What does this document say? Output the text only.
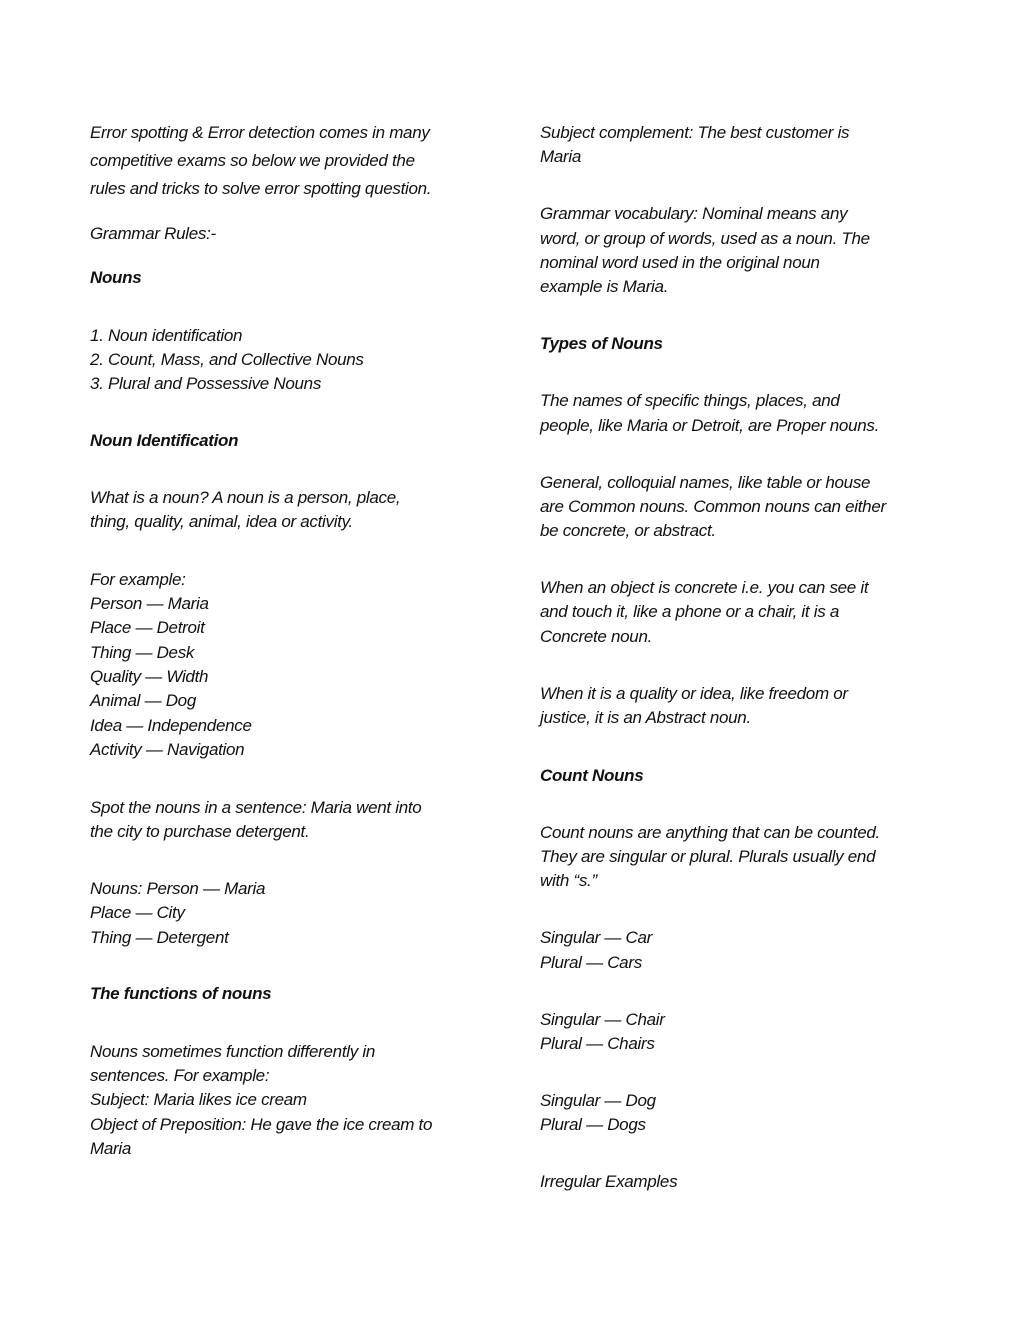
Error spotting & Error detection comes in many
competitive exams so below we provided the
rules and tricks to solve error spotting question.
Grammar Rules:-
Nouns
1. Noun identification
2. Count, Mass, and Collective Nouns
3. Plural and Possessive Nouns
Noun Identification
What is a noun? A noun is a person, place,
thing, quality, animal, idea or activity.
For example:
Person — Maria
Place — Detroit
Thing — Desk
Quality — Width
Animal — Dog
Idea — Independence
Activity — Navigation
Spot the nouns in a sentence: Maria went into
the city to purchase detergent.
Nouns: Person — Maria
Place — City
Thing — Detergent
The functions of nouns
Nouns sometimes function differently in
sentences. For example:
Subject: Maria likes ice cream
Object of Preposition: He gave the ice cream to
Maria
Subject complement: The best customer is
Maria
Grammar vocabulary: Nominal means any
word, or group of words, used as a noun. The
nominal word used in the original noun
example is Maria.
Types of Nouns
The names of specific things, places, and
people, like Maria or Detroit, are Proper nouns.
General, colloquial names, like table or house
are Common nouns. Common nouns can either
be concrete, or abstract.
When an object is concrete i.e. you can see it
and touch it, like a phone or a chair, it is a
Concrete noun.
When it is a quality or idea, like freedom or
justice, it is an Abstract noun.
Count Nouns
Count nouns are anything that can be counted.
They are singular or plural. Plurals usually end
with “s.”
Singular — Car
Plural — Cars
Singular — Chair
Plural — Chairs
Singular — Dog
Plural — Dogs
Irregular Examples
